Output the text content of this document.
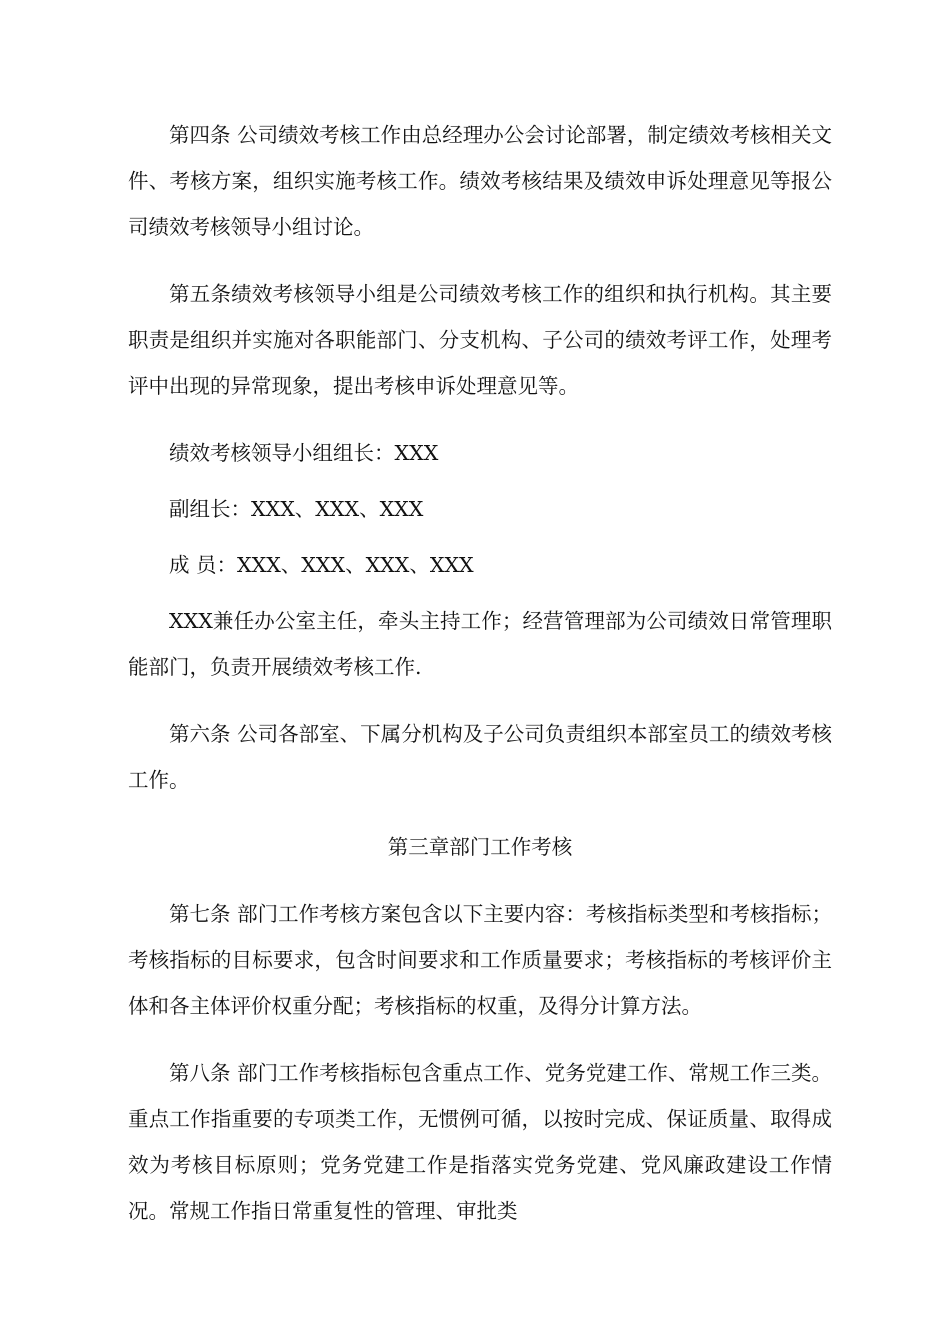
第四条 公司绩效考核工作由总经理办公会讨论部署，制定绩效考核相关文件、考核方案，组织实施考核工作。绩效考核结果及绩效申诉处理意见等报公司绩效考核领导小组讨论。

第五条绩效考核领导小组是公司绩效考核工作的组织和执行机构。其主要职责是组织并实施对各职能部门、分支机构、子公司的绩效考评工作，处理考评中出现的异常现象，提出考核申诉处理意见等。

绩效考核领导小组组长：XXX

副组长：XXX、XXX、XXX

成 员：XXX、XXX、XXX、XXX

XXX兼任办公室主任，牵头主持工作；经营管理部为公司绩效日常管理职能部门，负责开展绩效考核工作.

第六条 公司各部室、下属分机构及子公司负责组织本部室员工的绩效考核工作。

第三章部门工作考核

第七条 部门工作考核方案包含以下主要内容：考核指标类型和考核指标；考核指标的目标要求，包含时间要求和工作质量要求；考核指标的考核评价主体和各主体评价权重分配；考核指标的权重，及得分计算方法。

第八条 部门工作考核指标包含重点工作、党务党建工作、常规工作三类。重点工作指重要的专项类工作，无惯例可循，以按时完成、保证质量、取得成效为考核目标原则；党务党建工作是指落实党务党建、党风廉政建设工作情况。常规工作指日常重复性的管理、审批类
